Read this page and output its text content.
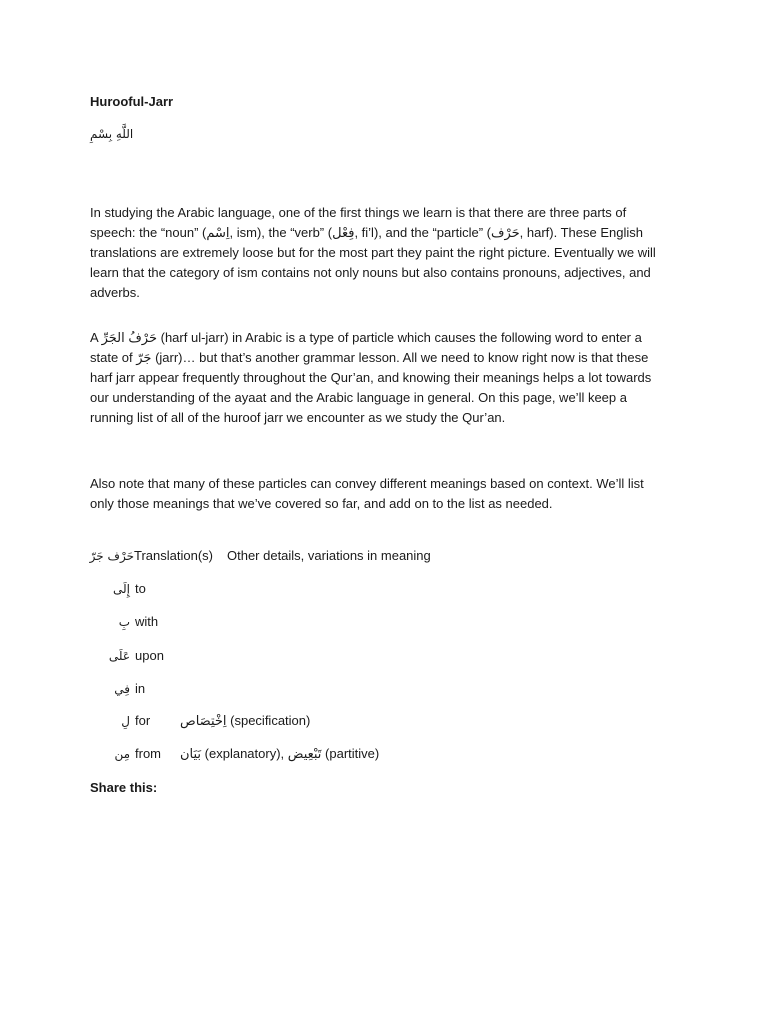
Hurooful-Jarr
اللَّهِ بِسْمِ

In studying the Arabic language, one of the first things we learn is that there are three parts of speech: the “noun” (اِسْم, ism), the “verb” (فِعْل, fi’l), and the “particle” (حَرْف, harf). These English translations are extremely loose but for the most part they paint the right picture. Eventually we will learn that the category of ism contains not only nouns but also contains pronouns, adjectives, and adverbs.

A حَرْفُ الجَرِّ (harf ul-jarr) in Arabic is a type of particle which causes the following word to enter a state of جَرّ (jarr)… but that’s another grammar lesson. All we need to know right now is that these harf jarr appear frequently throughout the Qur’an, and knowing their meanings helps a lot towards our understanding of the ayaat and the Arabic language in general. On this page, we’ll keep a running list of all of the huroof jarr we encounter as we study the Qur’an.

Also note that many of these particles can convey different meanings based on context. We’ll list only those meanings that we’ve covered so far, and add on to the list as needed.

حَرْف جَرّTranslation(s) Other details, variations in meaning
إِلَى to
بِ with
عَلَى upon
فِي in
لِ for اِخْتِصَاص (specification)
مِن from بَيَان (explanatory), تَبْعِيض (partitive)
Share this:
